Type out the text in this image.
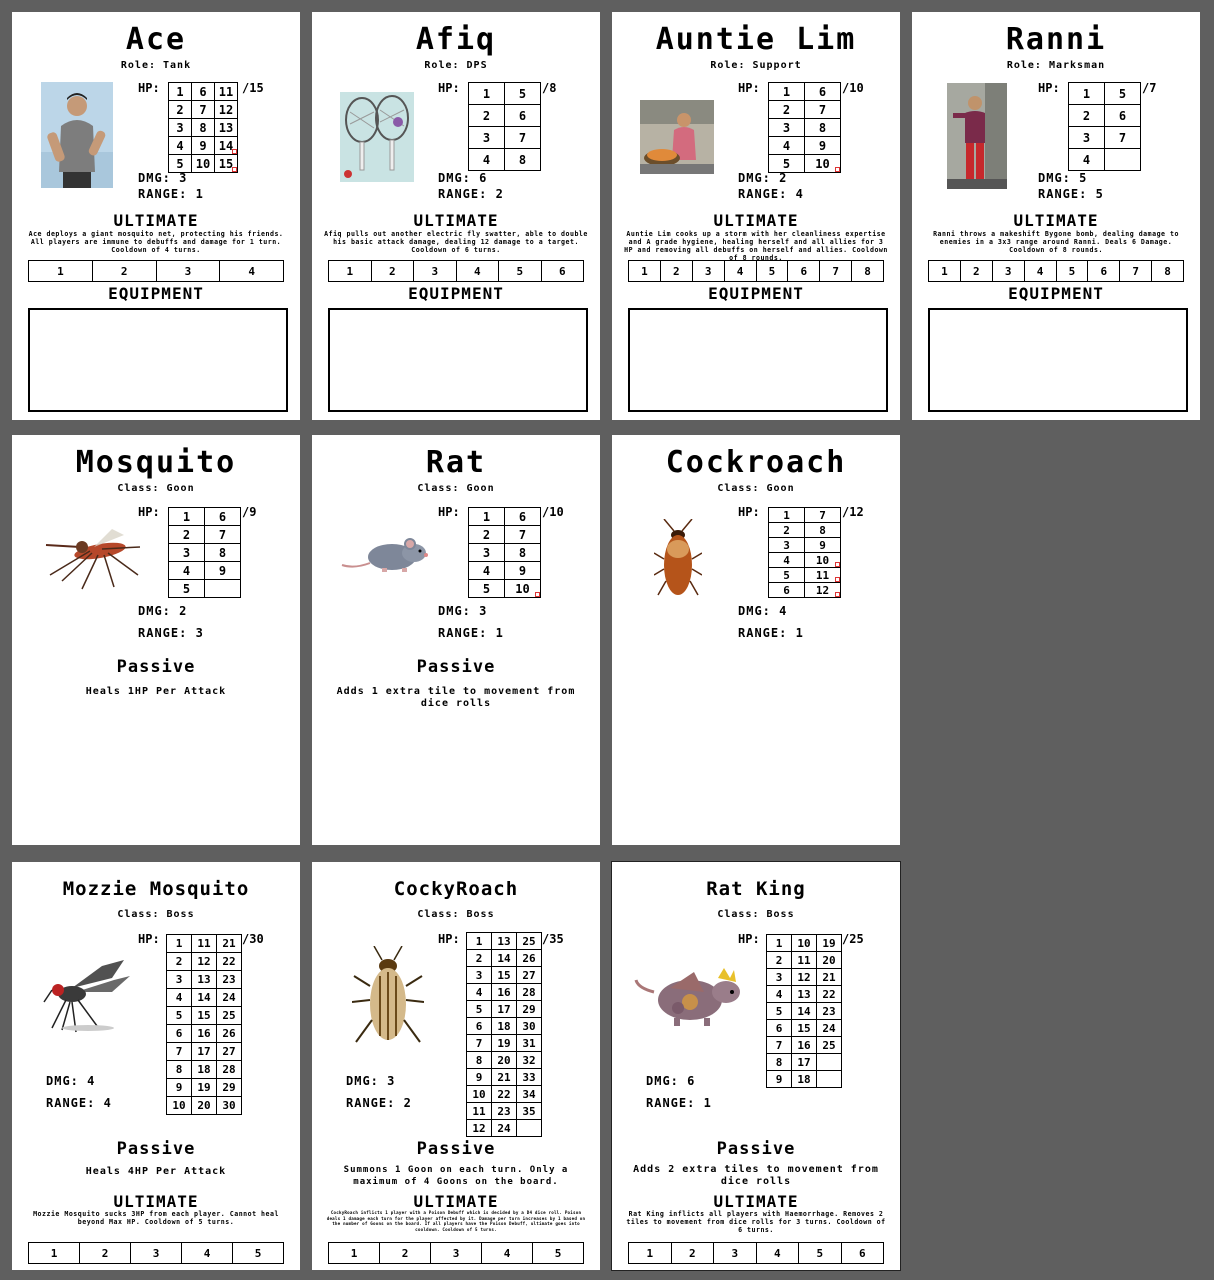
Ace
Role: Tank
HP:	/15
1	6	11
2	7	12
3	8	13
4	9	14

5	10	15
DMG: 3
RANGE: 1
ULTIMATE
Ace deploys a giant mosquito net, protecting his friends. All players are immune to debuffs and damage for 1 turn. Cooldown of 4 turns.
1	2	3	4
EQUIPMENT
Afiq
Role: DPS
HP:	/8
1	5
2	6
3	7
4	8
DMG: 6
RANGE: 2
ULTIMATE
Afiq pulls out another electric fly swatter, able to double his basic attack damage, dealing 12 damage to a target. Cooldown of 6 turns.
1	2	3	4	5	6
EQUIPMENT
Auntie Lim
Role: Support
HP:	/10
1	6
2	7
3	8
4	9
5	10
DMG: 2
RANGE: 4
ULTIMATE
Auntie Lim cooks up a storm with her cleanliness expertise and A grade hygiene, healing herself and all allies for 3 HP and removing all debuffs on herself and allies. Cooldown of 8 rounds.
1	2	3	4	5	6	7	8
EQUIPMENT
Ranni
Role: Marksman
HP:	/7
1	5
2	6
3	7
4	
DMG: 5
RANGE: 5
ULTIMATE
Ranni throws a makeshift Bygone bomb, dealing damage to enemies in a 3x3 range around Ranni. Deals 6 Damage. Cooldown of 8 rounds.
1	2	3	4	5	6	7	8
EQUIPMENT
Mosquito
Class: Goon
HP:	/9
1	6
2	7
3	8
4	9
5	
DMG: 2
RANGE: 3
Passive
Heals 1HP Per Attack
Rat
Class: Goon
HP:	/10
1	6
2	7
3	8
4	9
5	10
DMG: 3
RANGE: 1
Passive
Adds 1 extra tile to movement from dice rolls
Cockroach
Class: Goon
HP:	/12
1	7
2	8
3	9
4	10

5	11

6	12
DMG: 4
RANGE: 1
Mozzie Mosquito
Class: Boss
HP:	/30
1	11	21
2	12	22
3	13	23
4	14	24
5	15	25
6	16	26
7	17	27
8	18	28
9	19	29
10	20	30
DMG: 4
RANGE: 4
Passive
Heals 4HP Per Attack
ULTIMATE
Mozzie Mosquito sucks 3HP from each player. Cannot heal beyond Max HP. Cooldown of 5 turns.
1	2	3	4	5
CockyRoach
Class: Boss
HP:	/35
1	13	25
2	14	26
3	15	27
4	16	28
5	17	29
6	18	30
7	19	31
8	20	32
9	21	33
10	22	34
11	23	35
12	24	
DMG: 3
RANGE: 2
Passive
Summons 1 Goon on each turn. Only a maximum of 4 Goons on the board.
ULTIMATE
CockyRoach inflicts 1 player with a Poison Debuff which is decided by a D4 dice roll. Poison deals 1 damage each turn for the player affected by it. Damage per turn increases by 1 based on the number of Goons on the board. If all players have the Poison Debuff, ultimate goes into cooldown. Cooldown of 5 turns.
1	2	3	4	5
Rat King
Class: Boss
HP:	/25
1	10	19
2	11	20
3	12	21
4	13	22
5	14	23
6	15	24
7	16	25
8	17	
9	18	
DMG: 6
RANGE: 1
Passive
Adds 2 extra tiles to movement from dice rolls
ULTIMATE
Rat King inflicts all players with Haemorrhage. Removes 2 tiles to movement from dice rolls for 3 turns. Cooldown of 6 turns.
1	2	3	4	5	6
